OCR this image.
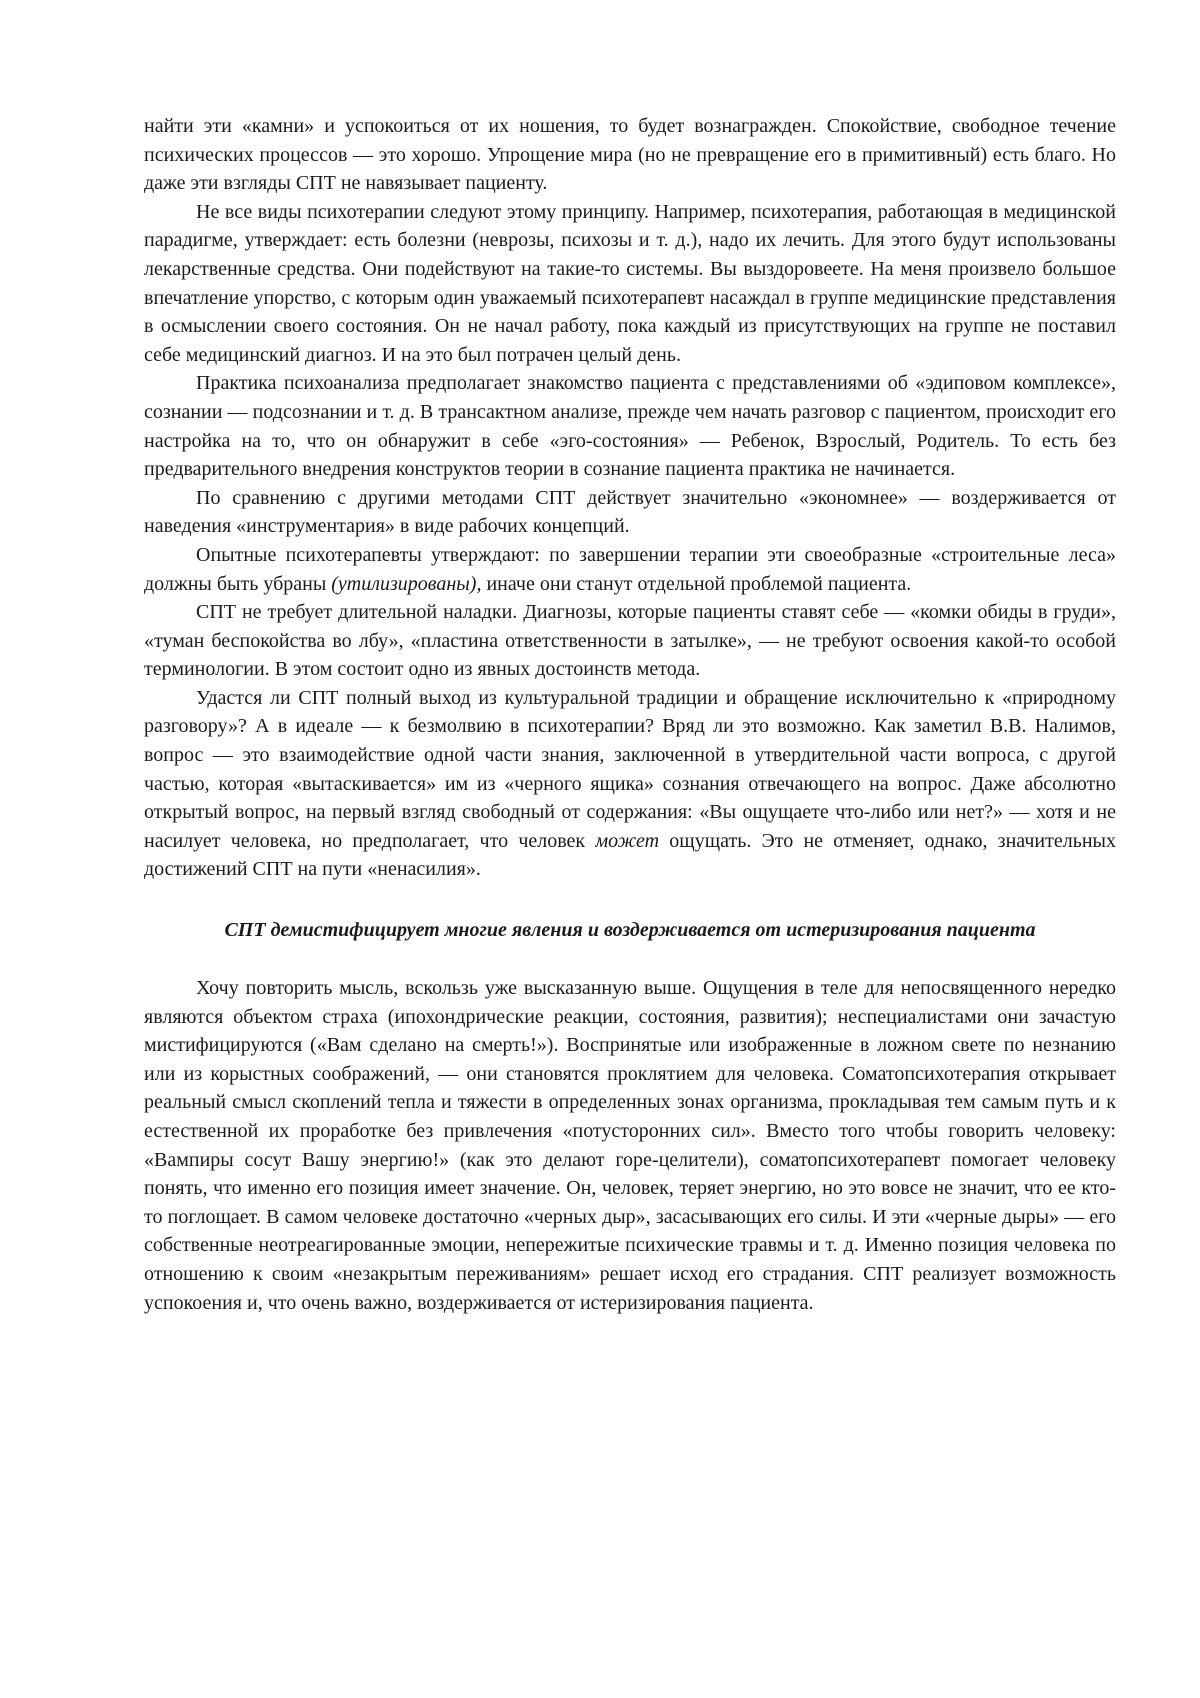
найти эти «камни» и успокоиться от их ношения, то будет вознагражден. Спокойствие, свободное течение психических процессов — это хорошо. Упрощение мира (но не превращение его в примитивный) есть благо. Но даже эти взгляды СПТ не навязывает пациенту.

Не все виды психотерапии следуют этому принципу. Например, психотерапия, работающая в медицинской парадигме, утверждает: есть болезни (неврозы, психозы и т. д.), надо их лечить. Для этого будут использованы лекарственные средства. Они подействуют на такие-то системы. Вы выздоровеете. На меня произвело большое впечатление упорство, с которым один уважаемый психотерапевт насаждал в группе медицинские представления в осмыслении своего состояния. Он не начал работу, пока каждый из присутствующих на группе не поставил себе медицинский диагноз. И на это был потрачен целый день.

Практика психоанализа предполагает знакомство пациента с представлениями об «эдиповом комплексе», сознании — подсознании и т. д. В трансактном анализе, прежде чем начать разговор с пациентом, происходит его настройка на то, что он обнаружит в себе «эго-состояния» — Ребенок, Взрослый, Родитель. То есть без предварительного внедрения конструктов теории в сознание пациента практика не начинается.

По сравнению с другими методами СПТ действует значительно «экономнее» — воздерживается от наведения «инструментария» в виде рабочих концепций.

Опытные психотерапевты утверждают: по завершении терапии эти своеобразные «строительные леса» должны быть убраны (утилизированы), иначе они станут отдельной проблемой пациента.

СПТ не требует длительной наладки. Диагнозы, которые пациенты ставят себе — «комки обиды в груди», «туман беспокойства во лбу», «пластина ответственности в затылке», — не требуют освоения какой-то особой терминологии. В этом состоит одно из явных достоинств метода.

Удастся ли СПТ полный выход из культуральной традиции и обращение исключительно к «природному разговору»? А в идеале — к безмолвию в психотерапии? Вряд ли это возможно. Как заметил В.В. Налимов, вопрос — это взаимодействие одной части знания, заключенной в утвердительной части вопроса, с другой частью, которая «вытаскивается» им из «черного ящика» сознания отвечающего на вопрос. Даже абсолютно открытый вопрос, на первый взгляд свободный от содержания: «Вы ощущаете что-либо или нет?» — хотя и не насилует человека, но предполагает, что человек может ощущать. Это не отменяет, однако, значительных достижений СПТ на пути «ненасилия».

СПТ демистифицирует многие явления и воздерживается от истеризирования пациента

Хочу повторить мысль, вскользь уже высказанную выше. Ощущения в теле для непосвященного нередко являются объектом страха (ипохондрические реакции, состояния, развития); неспециалистами они зачастую мистифицируются («Вам сделано на смерть!»). Воспринятые или изображенные в ложном свете по незнанию или из корыстных соображений, — они становятся проклятием для человека. Соматопсихотерапия открывает реальный смысл скоплений тепла и тяжести в определенных зонах организма, прокладывая тем самым путь и к естественной их проработке без привлечения «потусторонних сил». Вместо того чтобы говорить человеку: «Вампиры сосут Вашу энергию!» (как это делают горе-целители), соматопсихотерапевт помогает человеку понять, что именно его позиция имеет значение. Он, человек, теряет энергию, но это вовсе не значит, что ее кто-то поглощает. В самом человеке достаточно «черных дыр», засасывающих его силы. И эти «черные дыры» — его собственные неотреагированные эмоции, непережитые психические травмы и т. д. Именно позиция человека по отношению к своим «незакрытым переживаниям» решает исход его страдания. СПТ реализует возможность успокоения и, что очень важно, воздерживается от истеризирования пациента.
